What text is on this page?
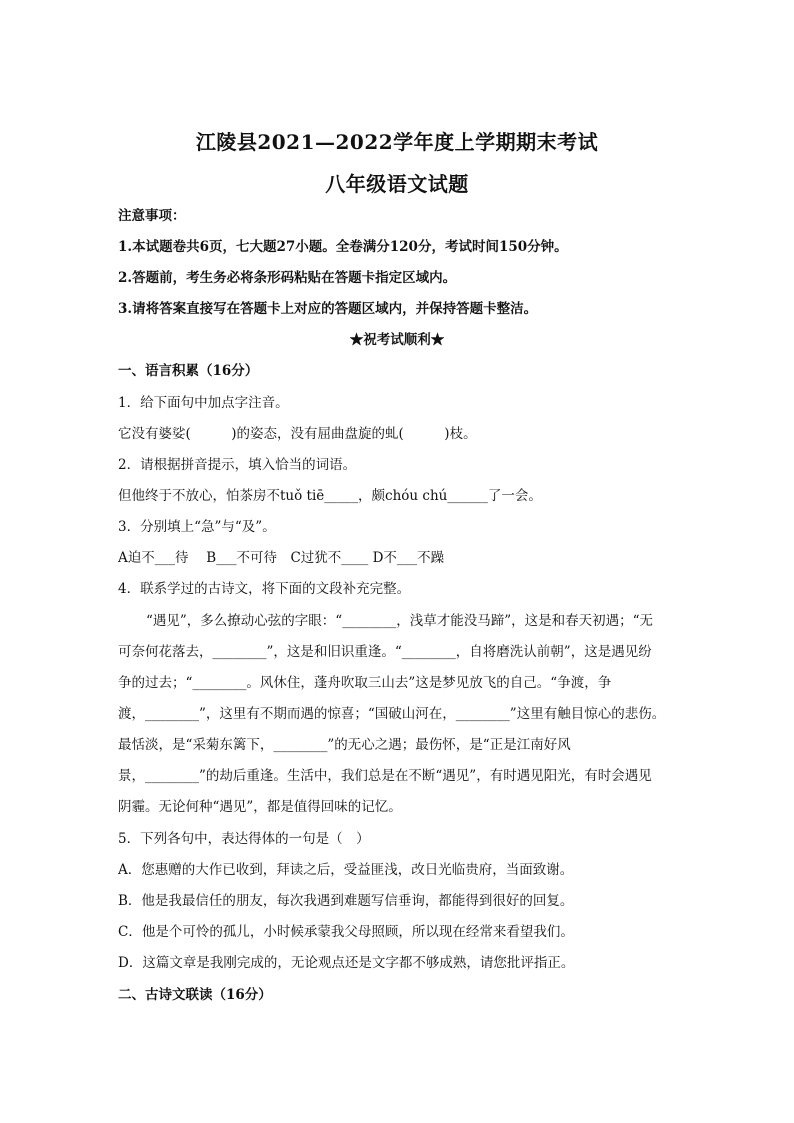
江陵县2021—2022学年度上学期期末考试
八年级语文试题
注意事项：
1.本试题卷共6页，七大题27小题。全卷满分120分，考试时间150分钟。
2.答题前，考生务必将条形码粘贴在答题卡指定区域内。
3.请将答案直接写在答题卡上对应的答题区域内，并保持答题卡整洁。
★祝考试顺利★
一、语言积累（16分）
1．给下面句中加点字注音。
它没有婆娑(　　　)的姿态，没有屈曲盘旋的虬(　　　)枝。
2．请根据拼音提示，填入恰当的词语。
但他终于不放心，怕茶房不tuǒ tiē_____，颇chóu chú______了一会。
3．分别填上“急”与“及”。
A迫不___待　 B___不可待　C过犹不____ D不___不躁
4．联系学过的古诗文，将下面的文段补充完整。
“遇见”，多么撩动心弦的字眼：“________，浅草才能没马蹄”，这是和春天初遇；“无
可奈何花落去，________”，这是和旧识重逢。“________，自将磨洗认前朝”，这是遇见纷
争的过去；“________。风休住，蓬舟吹取三山去”这是梦见放飞的自己。“争渡，争
渡，________”，这里有不期而遇的惊喜；“国破山河在，________”这里有触目惊心的悲伤。
最恬淡，是“采菊东篱下，________”的无心之遇；最伤怀，是“正是江南好风
景，________”的劫后重逢。生活中，我们总是在不断“遇见”，有时遇见阳光，有时会遇见
阴霾。无论何种“遇见”，都是值得回味的记忆。
5．下列各句中，表达得体的一句是（　）
A．您惠赠的大作已收到，拜读之后，受益匪浅，改日光临贵府，当面致谢。
B．他是我最信任的朋友，每次我遇到难题写信垂询，都能得到很好的回复。
C．他是个可怜的孤儿，小时候承蒙我父母照顾，所以现在经常来看望我们。
D．这篇文章是我刚完成的，无论观点还是文字都不够成熟，请您批评指正。
二、古诗文联读（16分）
